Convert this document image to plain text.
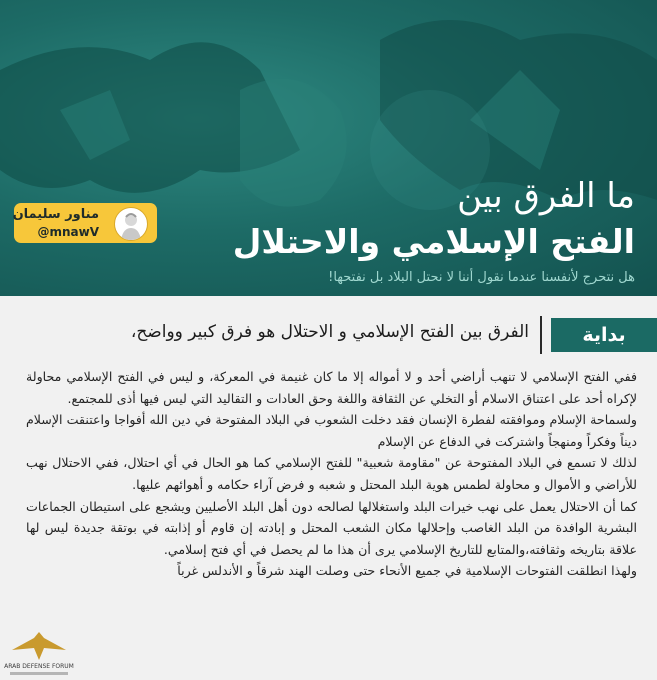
مناور سليمان
@mnawV
ما الفرق بين
الفتح الإسلامي والاحتلال
هل نتحرج لأنفسنا عندما نقول أننا لا نحتل البلاد بل نفتحها!
بداية
الفرق بين الفتح الإسلامي و الاحتلال هو فرق كبير وواضح،

ففي الفتح الإسلامي لا تنهب أراضي أحد و لا أمواله إلا ما كان غنيمة في المعركة، و ليس في الفتح الإسلامي محاولة لإكراه أحد على اعتناق الاسلام أو التخلي عن الثقافة واللغة وحق العادات و التقاليد التي ليس فيها أذى للمجتمع.

ولسماحة الإسلام وموافقته لفطرة الإنسان فقد دخلت الشعوب في البلاد المفتوحة في دين الله أفواجا واعتنقت الإسلام ديناً وفكراً ومنهجاً واشتركت في الدفاع عن الإسلام

لذلك لا تسمع في البلاد المفتوحة عن "مقاومة شعبية" للفتح الإسلامي كما هو الحال في أي احتلال، ففي الاحتلال نهب للأراضي و الأموال و محاولة لطمس هوية البلد المحتل و شعبه و فرض آراء حكامه و أهوائهم عليها.

كما أن الاحتلال يعمل على نهب خيرات البلد واستغلالها لصالحه دون أهل البلد الأصليين ويشجع على استيطان الجماعات البشرية الوافدة من البلد الغاصب وإحلالها مكان الشعب المحتل و إبادته إن قاوم أو إذابته في بوتقة جديدة ليس لها علاقة بتاريخه وثقافته،والمتابع للتاريخ الإسلامي يرى أن هذا ما لم يحصل في أي فتح إسلامي.

ولهذا انطلقت الفتوحات الإسلامية في جميع الأنحاء حتى وصلت الهند شرقاً و الأندلس غرباً

ARAB DEFENSE FORUM
